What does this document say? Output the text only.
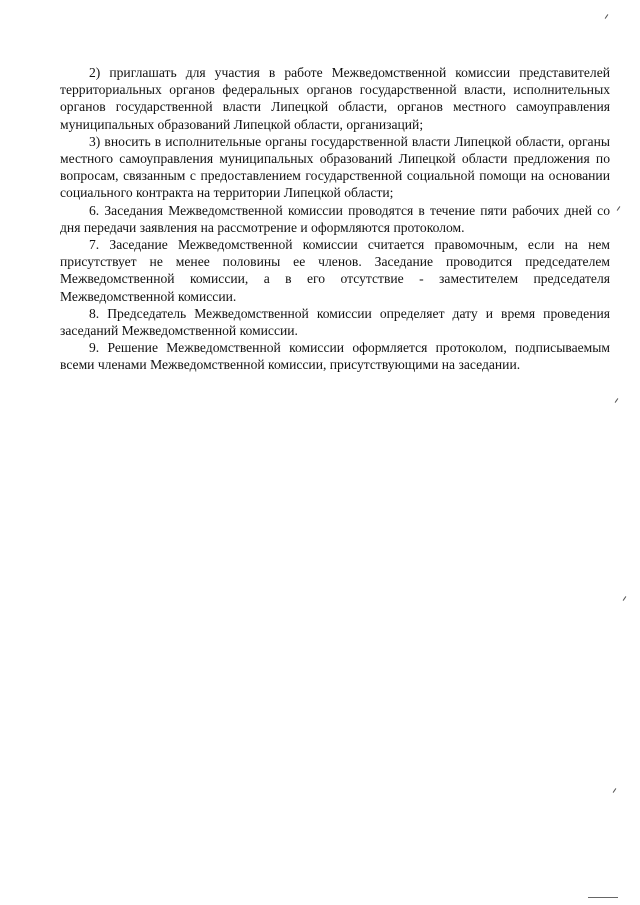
2) приглашать для участия в работе Межведомственной комиссии представителей территориальных органов федеральных органов государственной власти, исполнительных органов государственной власти Липецкой области, органов местного самоуправления муниципальных образований Липецкой области, организаций;

3) вносить в исполнительные органы государственной власти Липецкой области, органы местного самоуправления муниципальных образований Липецкой области предложения по вопросам, связанным с предоставлением государственной социальной помощи на основании социального контракта на территории Липецкой области;

6. Заседания Межведомственной комиссии проводятся в течение пяти рабочих дней со дня передачи заявления на рассмотрение и оформляются протоколом.

7. Заседание Межведомственной комиссии считается правомочным, если на нем присутствует не менее половины ее членов. Заседание проводится председателем Межведомственной комиссии, а в его отсутствие - заместителем председателя Межведомственной комиссии.

8. Председатель Межведомственной комиссии определяет дату и время проведения заседаний Межведомственной комиссии.

9. Решение Межведомственной комиссии оформляется протоколом, подписываемым всеми членами Межведомственной комиссии, присутствующими на заседании.
